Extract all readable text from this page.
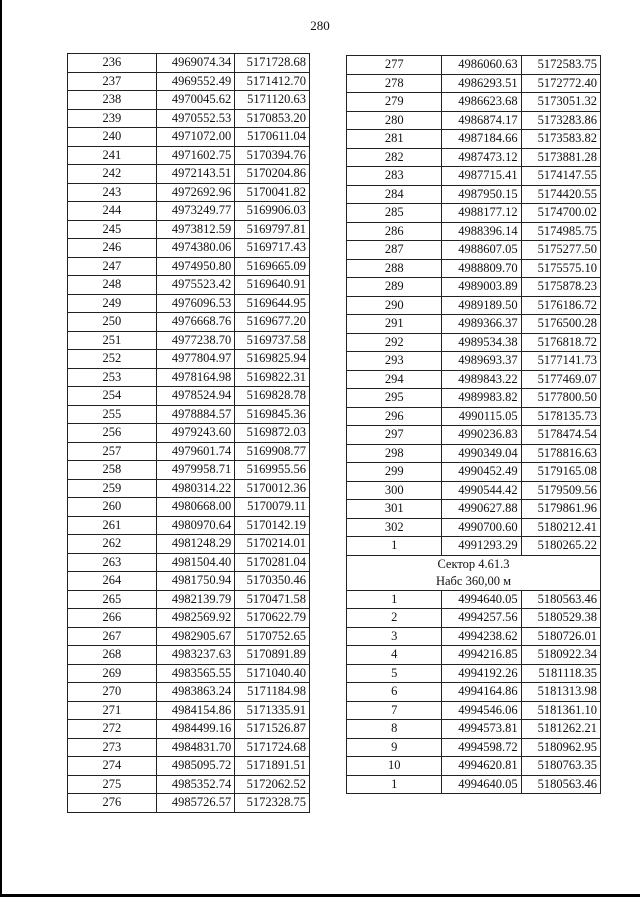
280
236	4969074.34	5171728.68
237	4969552.49	5171412.70
238	4970045.62	5171120.63
239	4970552.53	5170853.20
240	4971072.00	5170611.04
241	4971602.75	5170394.76
242	4972143.51	5170204.86
243	4972692.96	5170041.82
244	4973249.77	5169906.03
245	4973812.59	5169797.81
246	4974380.06	5169717.43
247	4974950.80	5169665.09
248	4975523.42	5169640.91
249	4976096.53	5169644.95
250	4976668.76	5169677.20
251	4977238.70	5169737.58
252	4977804.97	5169825.94
253	4978164.98	5169822.31
254	4978524.94	5169828.78
255	4978884.57	5169845.36
256	4979243.60	5169872.03
257	4979601.74	5169908.77
258	4979958.71	5169955.56
259	4980314.22	5170012.36
260	4980668.00	5170079.11
261	4980970.64	5170142.19
262	4981248.29	5170214.01
263	4981504.40	5170281.04
264	4981750.94	5170350.46
265	4982139.79	5170471.58
266	4982569.92	5170622.79
267	4982905.67	5170752.65
268	4983237.63	5170891.89
269	4983565.55	5171040.40
270	4983863.24	5171184.98
271	4984154.86	5171335.91
272	4984499.16	5171526.87
273	4984831.70	5171724.68
274	4985095.72	5171891.51
275	4985352.74	5172062.52
276	4985726.57	5172328.75
277	4986060.63	5172583.75
278	4986293.51	5172772.40
279	4986623.68	5173051.32
280	4986874.17	5173283.86
281	4987184.66	5173583.82
282	4987473.12	5173881.28
283	4987715.41	5174147.55
284	4987950.15	5174420.55
285	4988177.12	5174700.02
286	4988396.14	5174985.75
287	4988607.05	5175277.50
288	4988809.70	5175575.10
289	4989003.89	5175878.23
290	4989189.50	5176186.72
291	4989366.37	5176500.28
292	4989534.38	5176818.72
293	4989693.37	5177141.73
294	4989843.22	5177469.07
295	4989983.82	5177800.50
296	4990115.05	5178135.73
297	4990236.83	5178474.54
298	4990349.04	5178816.63
299	4990452.49	5179165.08
300	4990544.42	5179509.56
301	4990627.88	5179861.96
302	4990700.60	5180212.41
1	4991293.29	5180265.22

Сектор 4.61.3
Набс 360,00 м		

1	4994640.05	5180563.46
2	4994257.56	5180529.38
3	4994238.62	5180726.01
4	4994216.85	5180922.34
5	4994192.26	5181118.35
6	4994164.86	5181313.98
7	4994546.06	5181361.10
8	4994573.81	5181262.21
9	4994598.72	5180962.95
10	4994620.81	5180763.35
1	4994640.05	5180563.46
